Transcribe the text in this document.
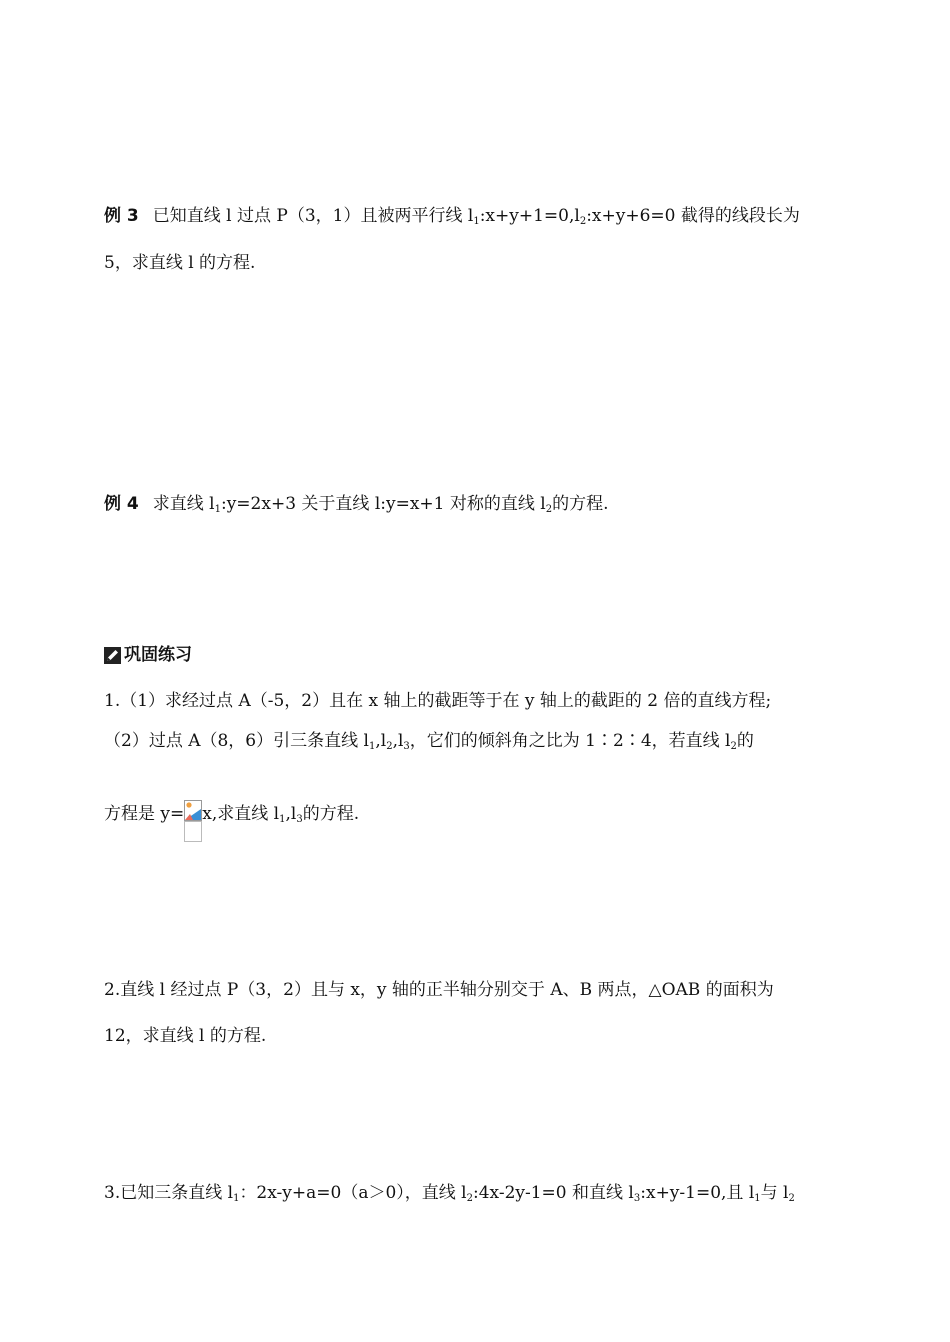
例 3 已知直线 l 过点 P（3，1）且被两平行线 $l_1:x+y+1=0,l_2:x+y+6=0$ 截得的线段长为
5，求直线 l 的方程.
例 4 求直线 $l_1:y=2x+3$ 关于直线 l:y=x+1 对称的直线 $l_2$的方程.
巩固练习
1.（1）求经过点 A（-5，2）且在 x 轴上的截距等于在 y 轴上的截距的 2 倍的直线方程;
（2）过点 A（8，6）引三条直线 $l_1,l_2,l_3$，它们的倾斜角之比为 1∶2∶4，若直线 $l_2$的
方程是 y= x,求直线 $l_1,l_3$的方程.
2.直线 l 经过点 P（3，2）且与 x，y 轴的正半轴分别交于 A、B 两点，△OAB 的面积为
12，求直线 l 的方程.
3.已知三条直线 $l_1$：2x-y+a=0（a＞0），直线 $l_2:4x-2y-1=0$ 和直线 $l_3:x+y-1=0$,且 $l_1$与 $l_2$
